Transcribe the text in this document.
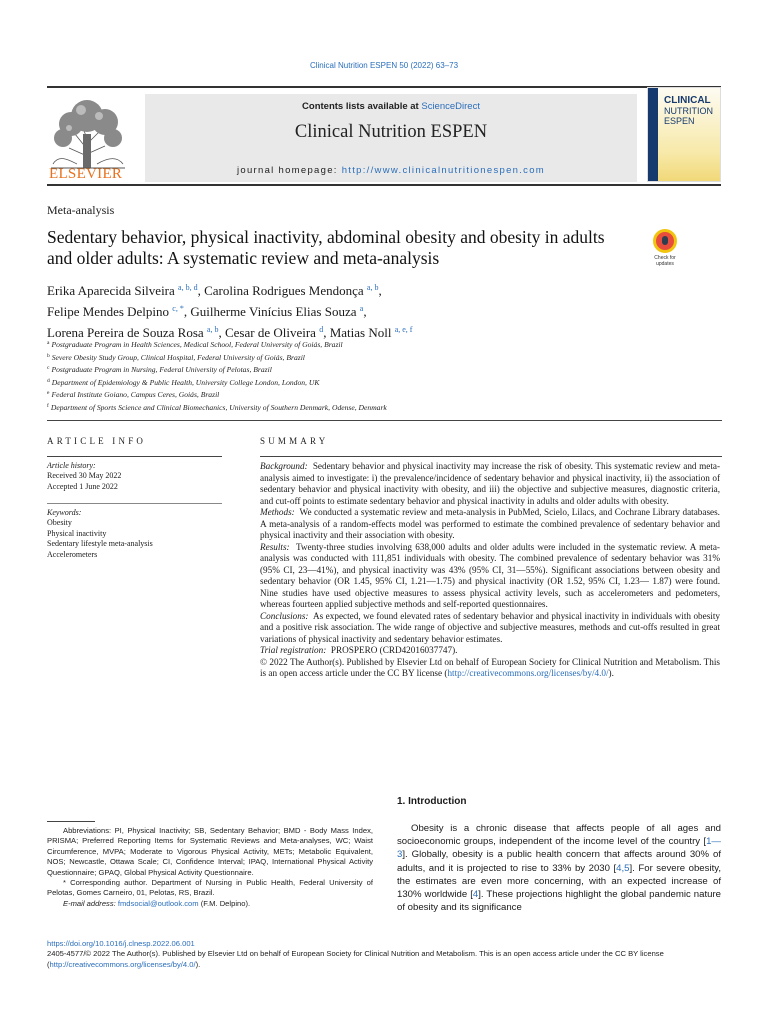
Clinical Nutrition ESPEN 50 (2022) 63–73
ELSEVIER
Contents lists available at ScienceDirect
Clinical Nutrition ESPEN
journal homepage: http://www.clinicalnutritionespen.com
CLINICAL
NUTRITION
ESPEN
Meta-analysis
Sedentary behavior, physical inactivity, abdominal obesity and obesity in adults and older adults: A systematic review and meta-analysis	Check for updates
Erika Aparecida Silveira $^{a, b, d}$, Carolina Rodrigues Mendonça $^{a, b}$,
Felipe Mendes Delpino $^{c, *}$, Guilherme Vinícius Elias Souza $^a$,
Lorena Pereira de Souza Rosa $^{a, b}$, Cesar de Oliveira $^d$, Matias Noll $^{a, e, f}$
$^a$ Postgraduate Program in Health Sciences, Medical School, Federal University of Goiás, Brazil
$^b$ Severe Obesity Study Group, Clinical Hospital, Federal University of Goiás, Brazil
$^c$ Postgraduate Program in Nursing, Federal University of Pelotas, Brazil
$^d$ Department of Epidemiology & Public Health, University College London, London, UK
$^e$ Federal Institute Goiano, Campus Ceres, Goiás, Brazil
$^f$ Department of Sports Science and Clinical Biomechanics, University of Southern Denmark, Odense, Denmark
ARTICLE INFO	SUMMARY
Article history:
Received 30 May 2022
Accepted 1 June 2022
Keywords:
Obesity
Physical inactivity
Sedentary lifestyle meta-analysis
Accelerometers

Background: Sedentary behavior and physical inactivity may increase the risk of obesity. This systematic review and meta-analysis aimed to investigate: i) the prevalence/incidence of sedentary behavior and physical inactivity, ii) the association of sedentary behavior and physical inactivity with obesity, and iii) the objective and subjective measures, diagnostic criteria, and cut-off points to estimate sedentary behavior and physical inactivity in adults and older adults with obesity.

Methods: We conducted a systematic review and meta-analysis in PubMed, Scielo, Lilacs, and Cochrane Library databases. A meta-analysis of a random-effects model was performed to estimate the combined prevalence of sedentary behavior and physical inactivity and their association with obesity.

Results: Twenty-three studies involving 638,000 adults and older adults were included in the systematic review. A meta-analysis was conducted with 111,851 individuals with obesity. The combined prevalence of sedentary behavior was 31% (95% CI, 23—41%), and physical inactivity was 43% (95% CI, 31—55%). Significant associations between obesity and sedentary behavior (OR 1.45, 95% CI, 1.21—1.75) and physical inactivity (OR 1.52, 95% CI, 1.23— 1.87) were found. Nine studies have used objective measures to assess physical activity levels, such as accelerometers and pedometers, whereas fourteen applied subjective methods and self-reported questionnaires.

Conclusions: As expected, we found elevated rates of sedentary behavior and physical inactivity in individuals with obesity and a positive risk association. The wide range of objective and subjective measures, methods and cut-offs resulted in great variations of physical inactivity and sedentary behavior estimates.

Trial registration: PROSPERO (CRD42016037747).

© 2022 The Author(s). Published by Elsevier Ltd on behalf of European Society for Clinical Nutrition and Metabolism. This is an open access article under the CC BY license (http://creativecommons.org/licenses/by/4.0/).

1. Introduction
Obesity is a chronic disease that affects people of all ages and socioeconomic groups, independent of the income level of the country [1—3]. Globally, obesity is a public health concern that affects around 30% of adults, and it is projected to rise to 33% by 2030 [4,5]. For severe obesity, the estimates are even more concerning, with an expected increase of 130% worldwide [4]. These projections highlight the global pandemic nature of obesity and its significance

Abbreviations: PI, Physical Inactivity; SB, Sedentary Behavior; BMD - Body Mass Index, PRISMA; Preferred Reporting Items for Systematic Reviews and Meta-analyses, WC; Waist Circumference, MVPA; Moderate to Vigorous Physical Activity, METs; Metabolic Equivalent, NOS; Newcastle, Ottawa Scale; CI, Confidence Interval; IPAQ, International Physical Activity Questionnaire; GPAQ, Global Physical Activity Questionnaire.

* Corresponding author. Department of Nursing in Public Health, Federal University of Pelotas, Gomes Carneiro, 01, Pelotas, RS, Brazil.

E-mail address: fmdsocial@outlook.com (F.M. Delpino).

https://doi.org/10.1016/j.clnesp.2022.06.001
2405-4577/© 2022 The Author(s). Published by Elsevier Ltd on behalf of European Society for Clinical Nutrition and Metabolism. This is an open access article under the CC BY license (http://creativecommons.org/licenses/by/4.0/).
